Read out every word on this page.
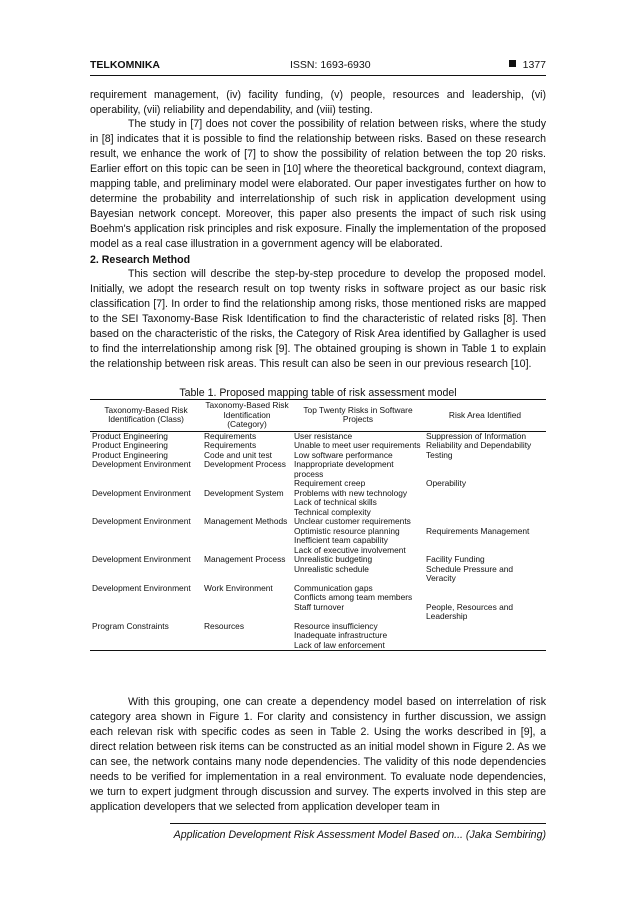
TELKOMNIKA	ISSN: 1693-6930	1377

requirement management, (iv) facility funding, (v) people, resources and leadership, (vi) operability, (vii) reliability and dependability, and (viii) testing.

The study in [7] does not cover the possibility of relation between risks, where the study in [8] indicates that it is possible to find the relationship between risks. Based on these research result, we enhance the work of [7] to show the possibility of relation between the top 20 risks. Earlier effort on this topic can be seen in [10] where the theoretical background, context diagram, mapping table, and preliminary model were elaborated. Our paper investigates further on how to determine the probability and interrelationship of such risk in application development using Bayesian network concept. Moreover, this paper also presents the impact of such risk using Boehm's application risk principles and risk exposure. Finally the implementation of the proposed model as a real case illustration in a government agency will be elaborated.

2. Research Method

This section will describe the step-by-step procedure to develop the proposed model. Initially, we adopt the research result on top twenty risks in software project as our basic risk classification [7]. In order to find the relationship among risks, those mentioned risks are mapped to the SEI Taxonomy-Base Risk Identification to find the characteristic of related risks [8]. Then based on the characteristic of the risks, the Category of Risk Area identified by Gallagher is used to find the interrelationship among risk [9]. The obtained grouping is shown in Table 1 to explain the relationship between risk areas. This result can also be seen in our previous research [10].

Table 1. Proposed mapping table of risk assessment model
Taxonomy-Based Risk Identification (Class)	Taxonomy-Based Risk Identification (Category)	Top Twenty Risks in Software Projects	Risk Area Identified
Product Engineering	Requirements	User resistance	Suppression of Information
Product Engineering	Requirements	Unable to meet user requirements	Reliability and Dependability
Product Engineering	Code and unit test	Low software performance	Testing
Development Environment	Development Process	Inappropriate development process	
		Requirement creep	Operability
Development Environment	Development System	Problems with new technology	
		Lack of technical skills	
		Technical complexity	
Development Environment	Management Methods	Unclear customer requirements	
		Optimistic resource planning	Requirements Management
		Inefficient team capability	
		Lack of executive involvement	
Development Environment	Management Process	Unrealistic budgeting	Facility Funding
		Unrealistic schedule	Schedule Pressure and Veracity
Development Environment	Work Environment	Communication gaps	
		Conflicts among team members	
		Staff turnover	People, Resources and Leadership
Program Constraints	Resources	Resource insufficiency	
		Inadequate infrastructure	
		Lack of law enforcement	

With this grouping, one can create a dependency model based on interrelation of risk category area shown in Figure 1. For clarity and consistency in further discussion, we assign each relevan risk with specific codes as seen in Table 2. Using the works described in [9], a direct relation between risk items can be constructed as an initial model shown in Figure 2. As we can see, the network contains many node dependencies. The validity of this node dependencies needs to be verified for implementation in a real environment. To evaluate node dependencies, we turn to expert judgment through discussion and survey. The experts involved in this step are application developers that we selected from application developer team in

Application Development Risk Assessment Model Based on... (Jaka Sembiring)
